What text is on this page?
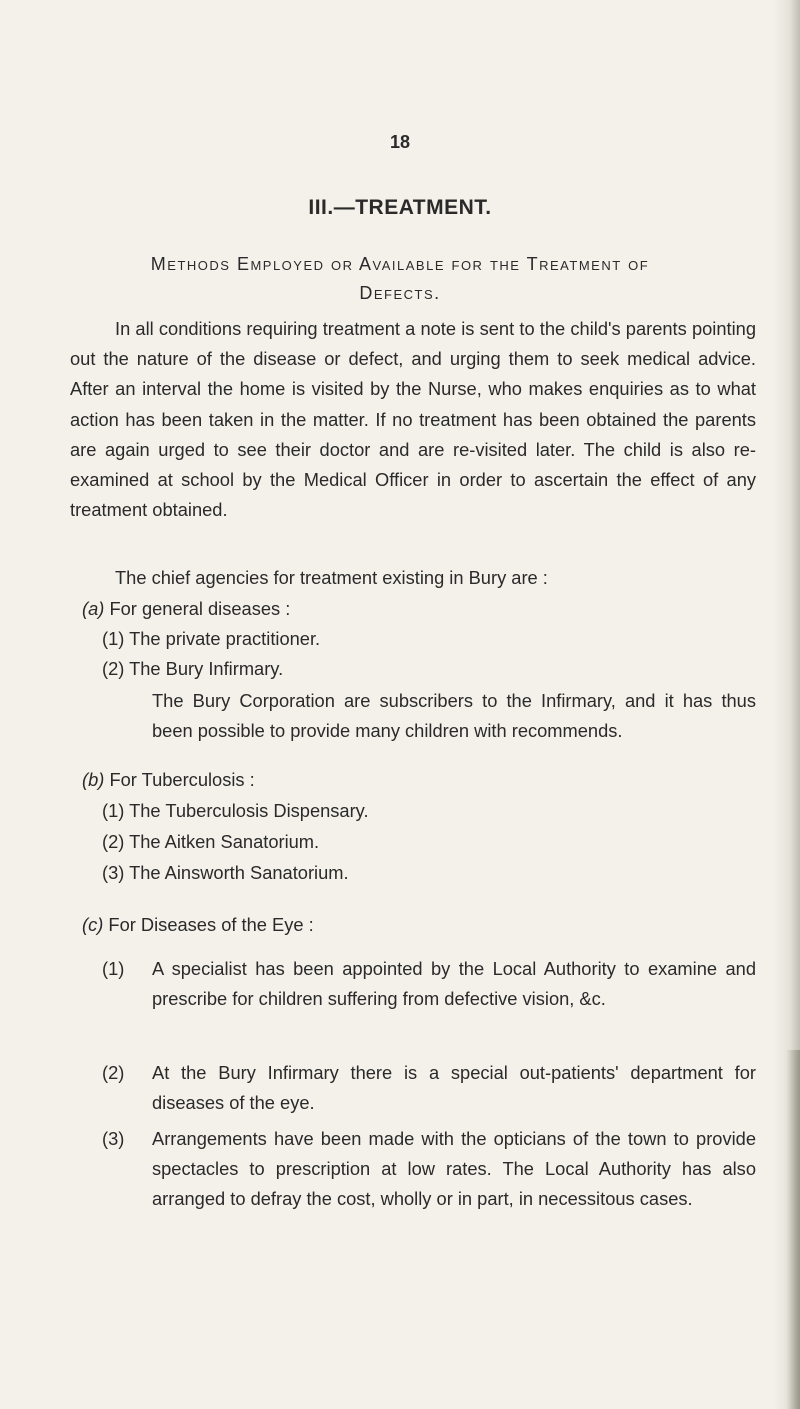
18
III.—TREATMENT.
Methods Employed or Available for the Treatment of
Defects.

In all conditions requiring treatment a note is sent to the child's parents pointing out the nature of the disease or defect, and urging them to seek medical advice. After an interval the home is visited by the Nurse, who makes enquiries as to what action has been taken in the matter. If no treatment has been obtained the parents are again urged to see their doctor and are re-visited later. The child is also re-examined at school by the Medical Officer in order to ascertain the effect of any treatment obtained.

The chief agencies for treatment existing in Bury are :

(a) For general diseases :
(1) The private practitioner.
(2) The Bury Infirmary.

The Bury Corporation are subscribers to the Infirmary, and it has thus been possible to provide many children with recommends.

(b) For Tuberculosis :
(1) The Tuberculosis Dispensary.
(2) The Aitken Sanatorium.
(3) The Ainsworth Sanatorium.
(c) For Diseases of the Eye :
(1) A specialist has been appointed by the Local Authority to examine and prescribe for children suffering from defective vision, &c.
(2) At the Bury Infirmary there is a special out-patients' department for diseases of the eye.
(3) Arrangements have been made with the opticians of the town to provide spectacles to prescription at low rates. The Local Authority has also arranged to defray the cost, wholly or in part, in necessitous cases.
